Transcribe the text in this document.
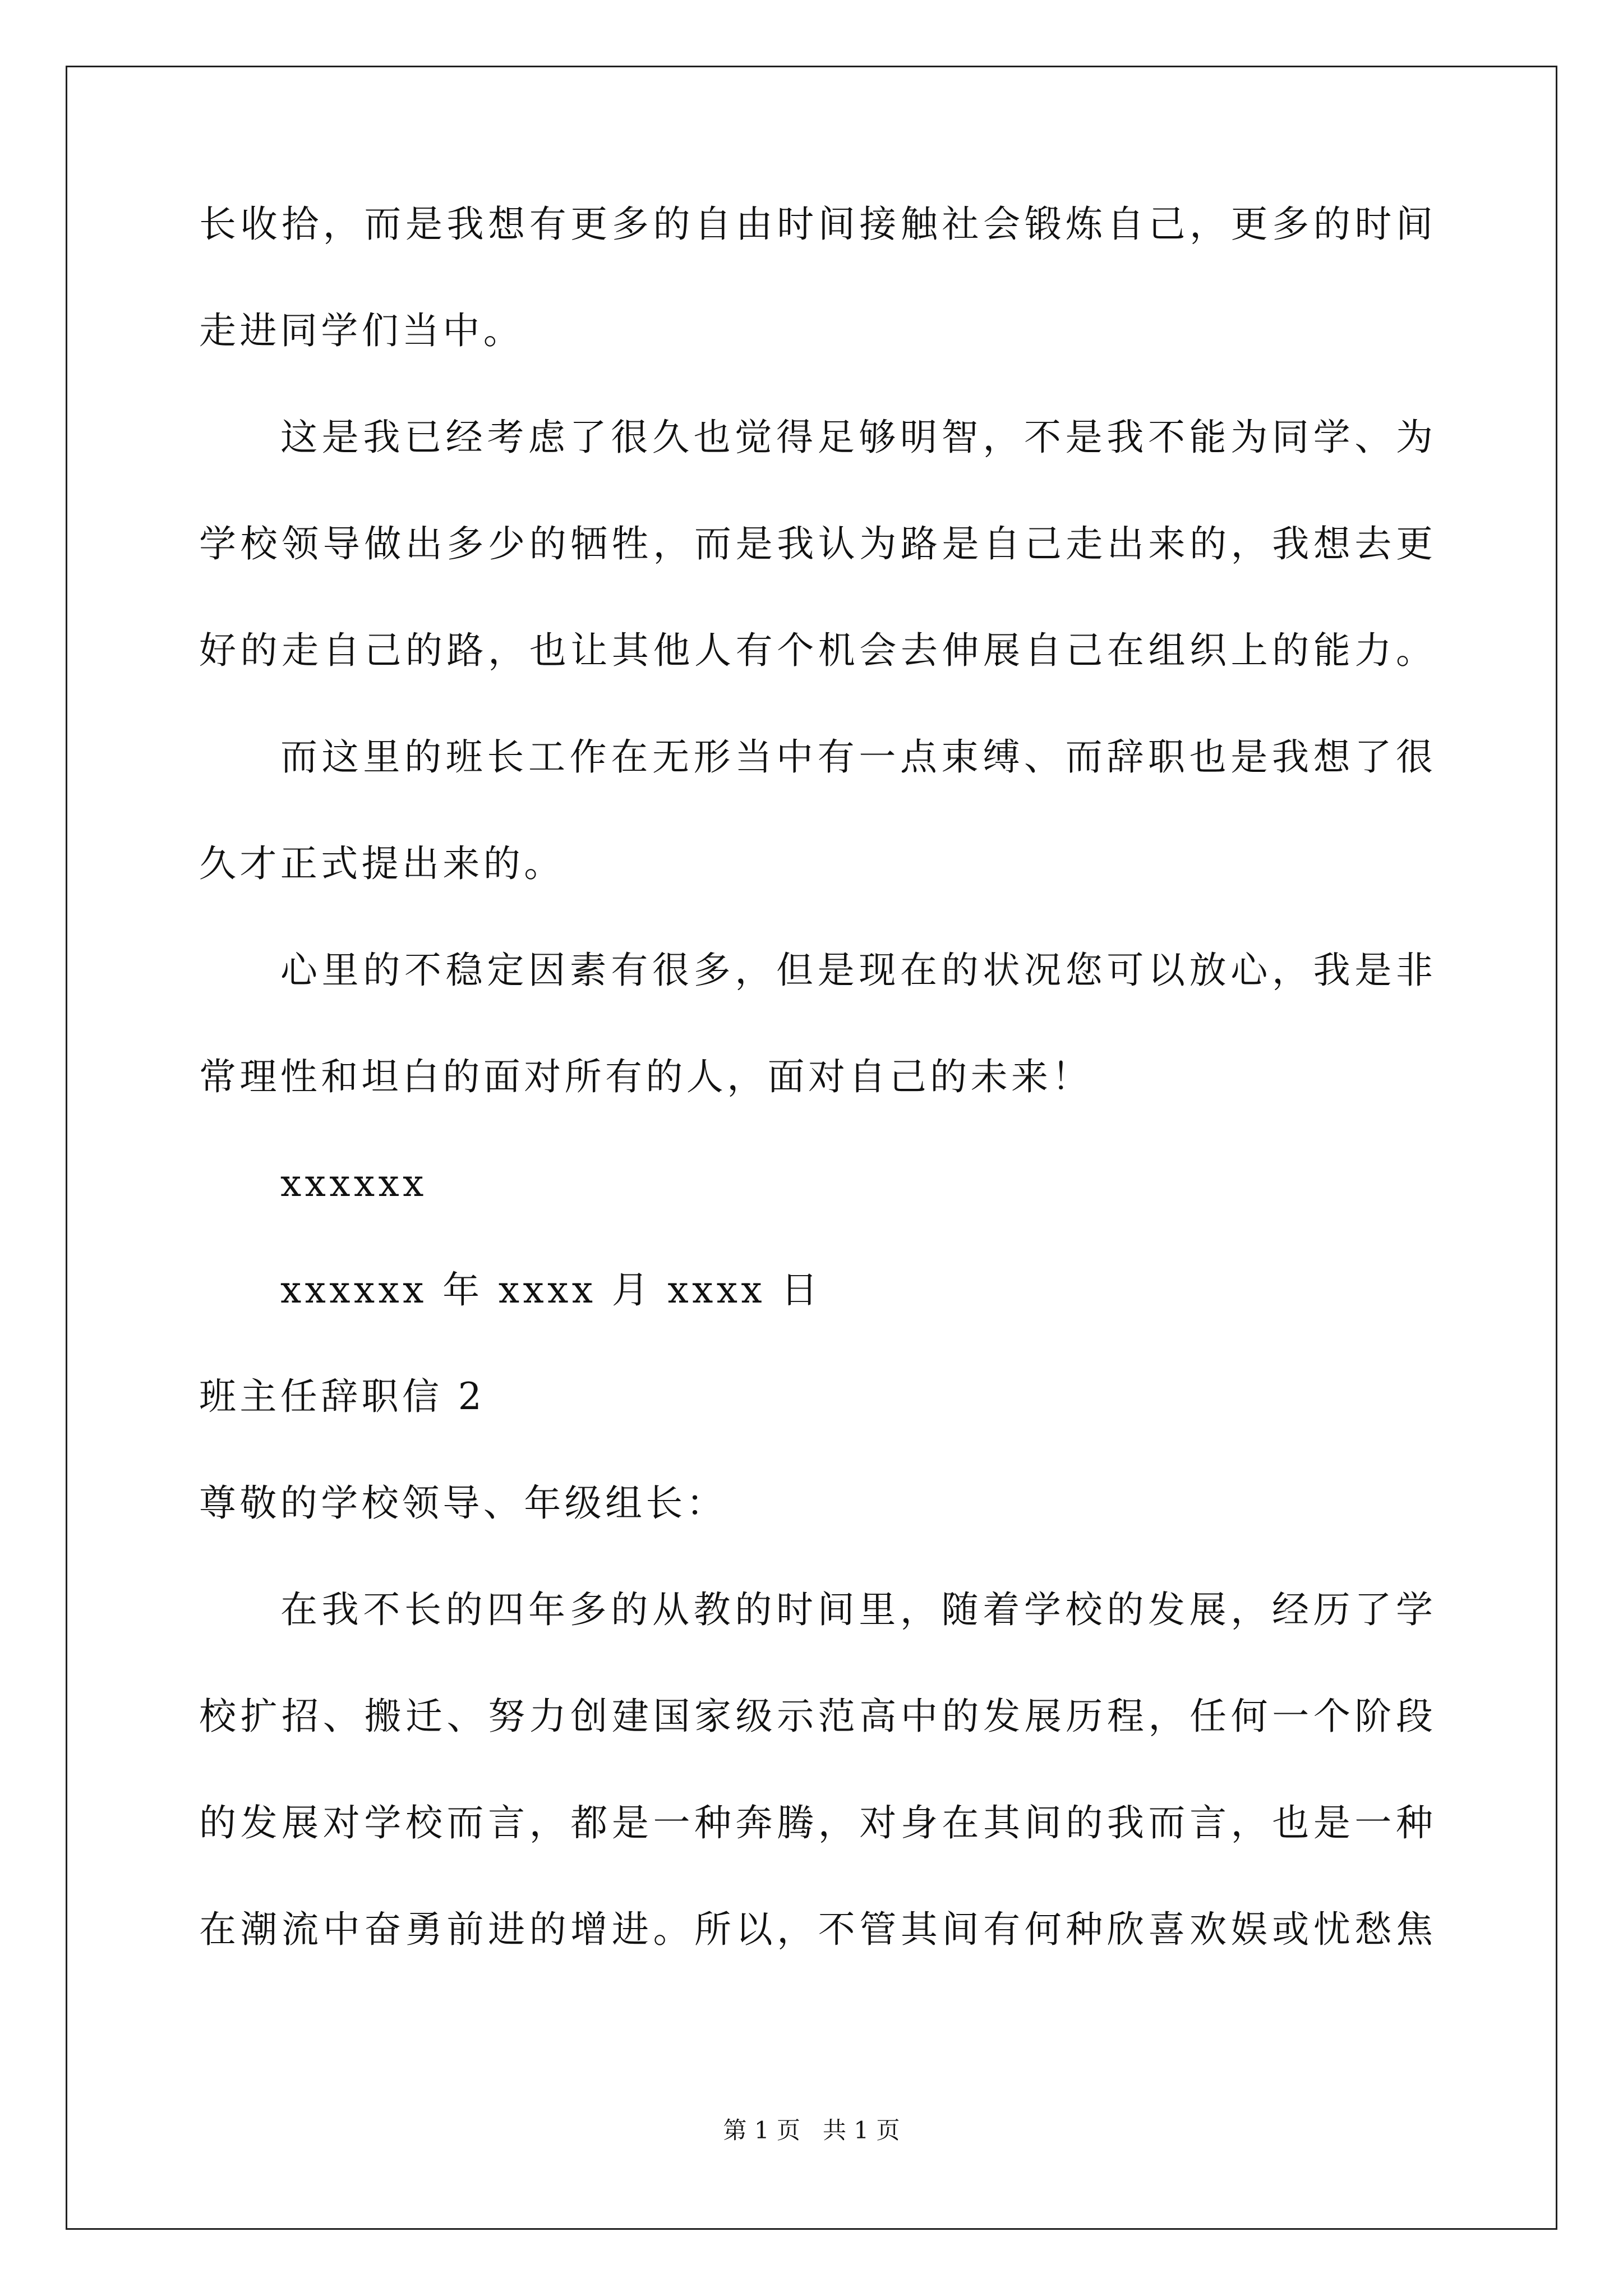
长收拾，而是我想有更多的自由时间接触社会锻炼自己，更多的时间
走进同学们当中。
这是我已经考虑了很久也觉得足够明智，不是我不能为同学、为
学校领导做出多少的牺牲，而是我认为路是自己走出来的，我想去更
好的走自己的路，也让其他人有个机会去伸展自己在组织上的能力。
而这里的班长工作在无形当中有一点束缚、而辞职也是我想了很
久才正式提出来的。
心里的不稳定因素有很多，但是现在的状况您可以放心，我是非
常理性和坦白的面对所有的人，面对自己的未来！
xxxxxx
xxxxxx 年 xxxx 月 xxxx 日
班主任辞职信 2
尊敬的学校领导、年级组长：
在我不长的四年多的从教的时间里，随着学校的发展，经历了学
校扩招、搬迁、努力创建国家级示范高中的发展历程，任何一个阶段
的发展对学校而言，都是一种奔腾，对身在其间的我而言，也是一种
在潮流中奋勇前进的增进。所以，不管其间有何种欣喜欢娱或忧愁焦
第 1 页   共 1 页
